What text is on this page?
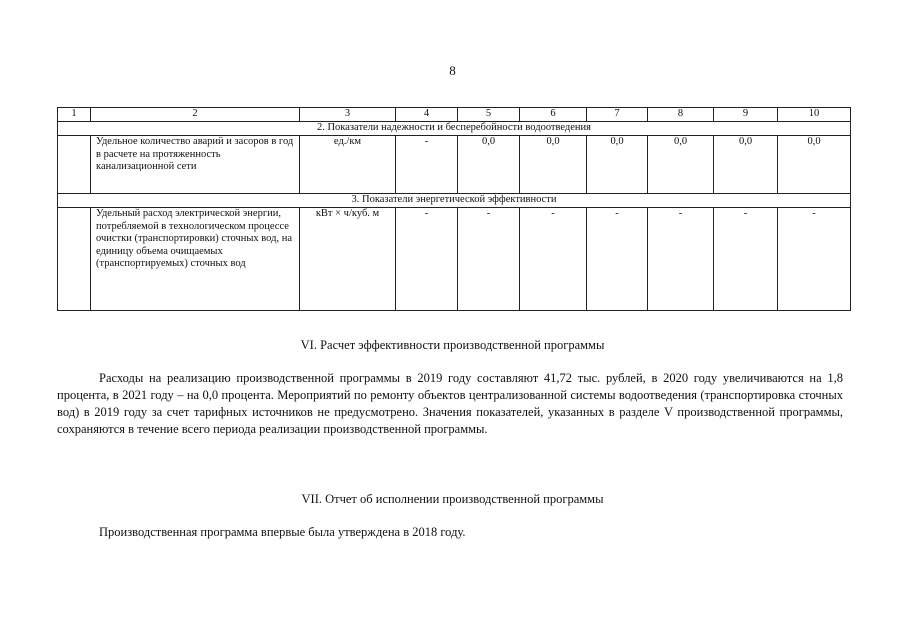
8
1	2	3	4	5	6	7	8	9	10
2. Показатели надежности и бесперебойности водоотведения									
	Удельное количество аварий и засоров в год в расчете на протяженность канализационной сети	ед./км	-	0,0	0,0	0,0	0,0	0,0	0,0
3. Показатели энергетической эффективности									
	Удельный расход электрической энергии, потребляемой в технологическом процессе очистки (транспортировки) сточных вод, на единицу объема очищаемых (транспортируемых) сточных вод	кВт × ч/куб. м	-	-	-	-	-	-	-
VI. Расчет эффективности производственной программы
Расходы на реализацию производственной программы в 2019 году составляют 41,72 тыс. рублей, в 2020 году увеличиваются на 1,8 процента, в 2021 году – на 0,0 процента. Мероприятий по ремонту объектов централизованной системы водоотведения (транспортировка сточных вод) в 2019 году за счет тарифных источников не предусмотрено. Значения показателей, указанных в разделе V производственной программы, сохраняются в течение всего периода реализации производственной программы.
VII. Отчет об исполнении производственной программы
Производственная программа впервые была утверждена в 2018 году.
